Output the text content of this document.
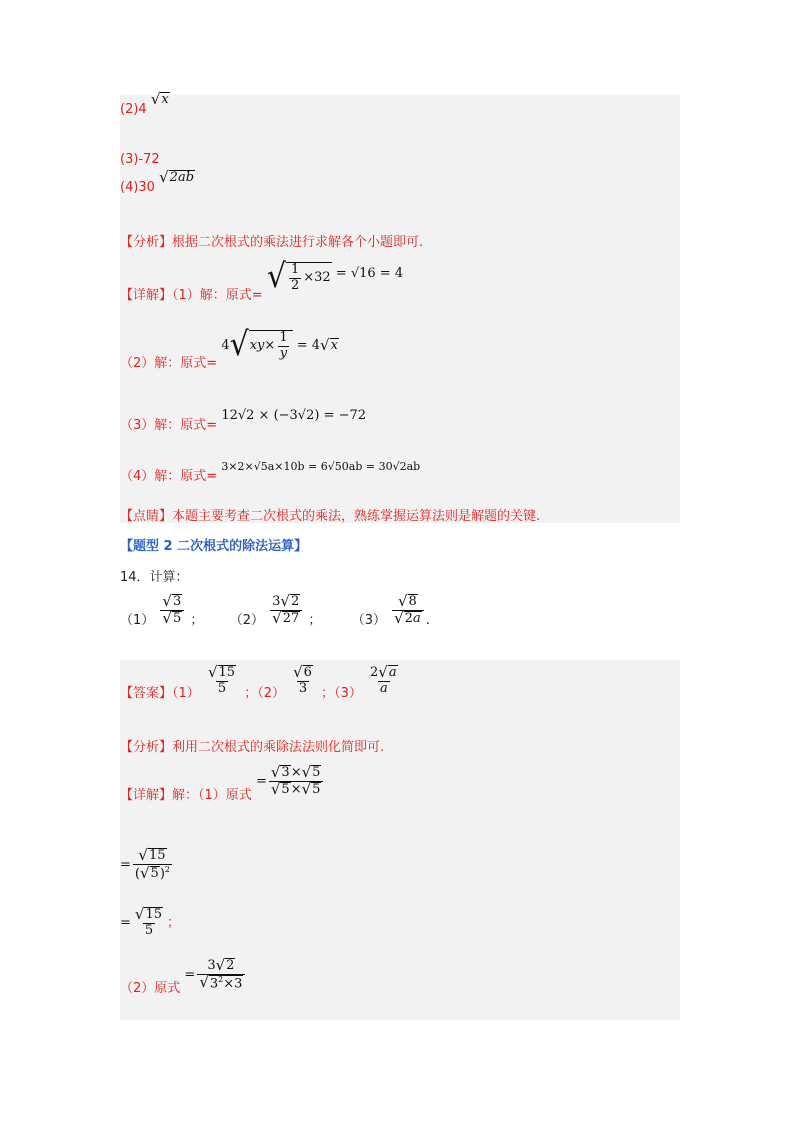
(2)4
√ x
(3)-72
(4)30
√ 2ab
【分析】根据二次根式的乘法进行求解各个小题即可.
【详解】（1）解：原式=
√ $\frac{1}{2} \times 32 = √16 = 4$
（2）解：原式= 4 √ xy × $\frac{1}{y} = 4$ √ x
（3）解：原式= 12√2 × (−3√2) = −72
（4）解：原式= 3×2×√5a×10b = 6√50ab = 30√2ab
【点睛】本题主要考查二次根式的乘法，熟练掌握运算法则是解题的关键.
【题型 2 二次根式的除法运算】
14．计算：
$(1) \frac{√ 3}{√ 5}$ ； $(2) \frac{3 √ 2}{√ 27}$ ； $(3) \frac{√ 8}{√ 2a}$ .
【答案】$(1) \frac{√ 15}{5}$ ；$(2) \frac{√ 6}{3}$ ；$(3) \frac{2 √ a}{a}$
【分析】利用二次根式的乘除法法则化简即可.
【详解】解：（1）原式 = $\frac{√ 3 \times √ 5}{√ 5 \times √ 5}$
= $\frac{√ 15}{( √ 5 )^2}$
= $\frac{√ 15}{5}$ ；
（2）原式 = $\frac{3 √ 2}{√ 3^2\times 3}$
